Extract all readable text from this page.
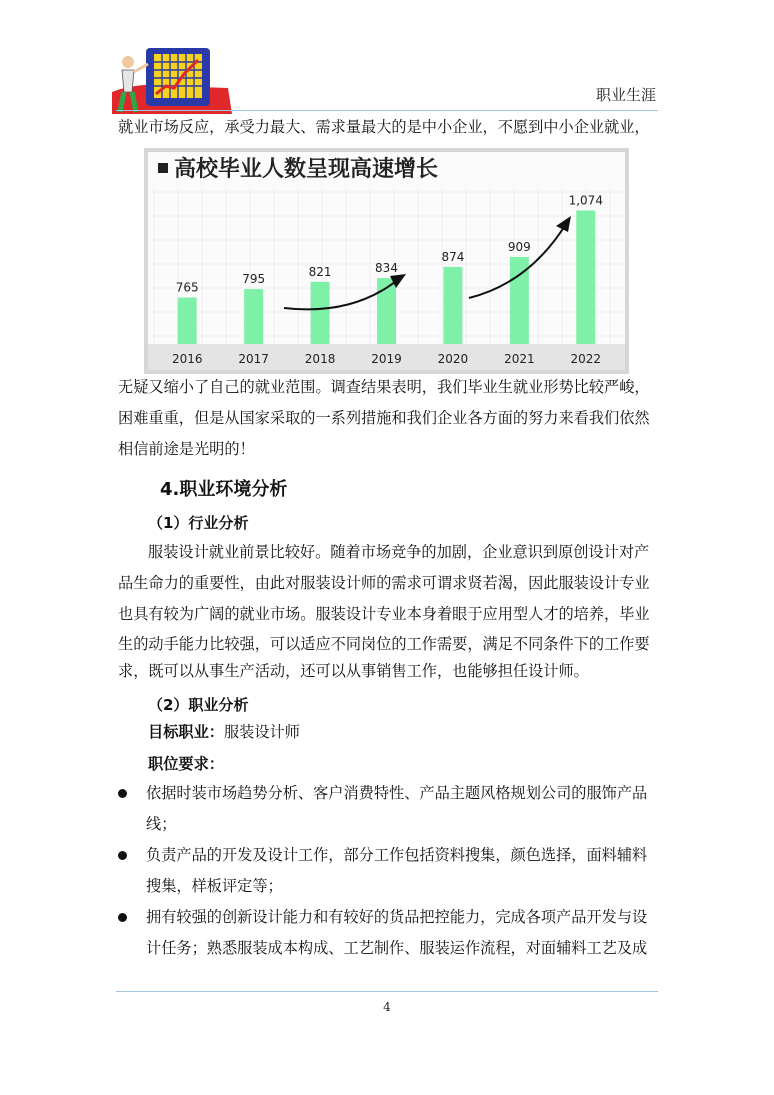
职业生涯
就业市场反应，承受力最大、需求量最大的是中小企业，不愿到中小企业就业，
高校毕业人数呈现高速增长
765
795
821	834
874
909
1,074
2016	2017	2018	2019	2020	2021	2022
无疑又缩小了自己的就业范围。调查结果表明，我们毕业生就业形势比较严峻，
困难重重，但是从国家采取的一系列措施和我们企业各方面的努力来看我们依然
相信前途是光明的！
4.职业环境分析
（1）行业分析
服装设计就业前景比较好。随着市场竞争的加剧，企业意识到原创设计对产
品生命力的重要性，由此对服装设计师的需求可谓求贤若渴，因此服装设计专业
也具有较为广阔的就业市场。服装设计专业本身着眼于应用型人才的培养，毕业
生的动手能力比较强，可以适应不同岗位的工作需要，满足不同条件下的工作要
求，既可以从事生产活动，还可以从事销售工作，也能够担任设计师。
（2）职业分析
目标职业：服装设计师
职位要求：
依据时装市场趋势分析、客户消费特性、产品主题风格规划公司的服饰产品
线；
负责产品的开发及设计工作，部分工作包括资料搜集，颜色选择，面料辅料
搜集，样板评定等；
拥有较强的创新设计能力和有较好的货品把控能力，完成各项产品开发与设
计任务；熟悉服装成本构成、工艺制作、服装运作流程，对面辅料工艺及成
4
